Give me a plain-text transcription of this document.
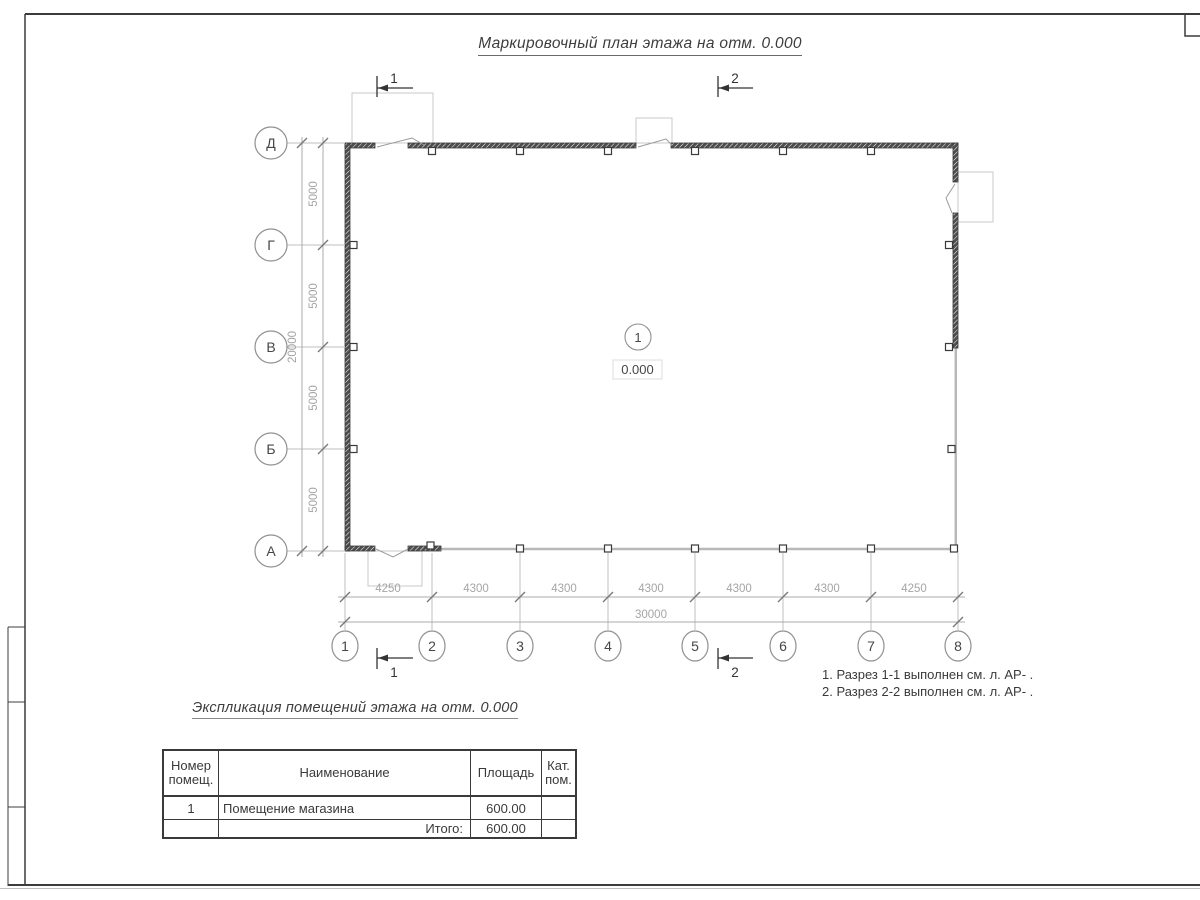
5000
5000
5000
5000
20000
Д
Г
В
Б
А
4250	4300	4300	4300	4300	4300	4250
30000
1	2	3	4	5	6	7	8
1	2
1	2
1
0.000
Маркировочный план этажа на отм. 0.000
1. Разрез 1-1 выполнен см. л. АР- .
2. Разрез 2-2 выполнен см. л. АР- .
Экспликация помещений этажа на отм. 0.000
Номер помещ.	Наименование	Площадь	Кат. пом.
1	Помещение магазина	600.00	
	Итого:	600.00	
